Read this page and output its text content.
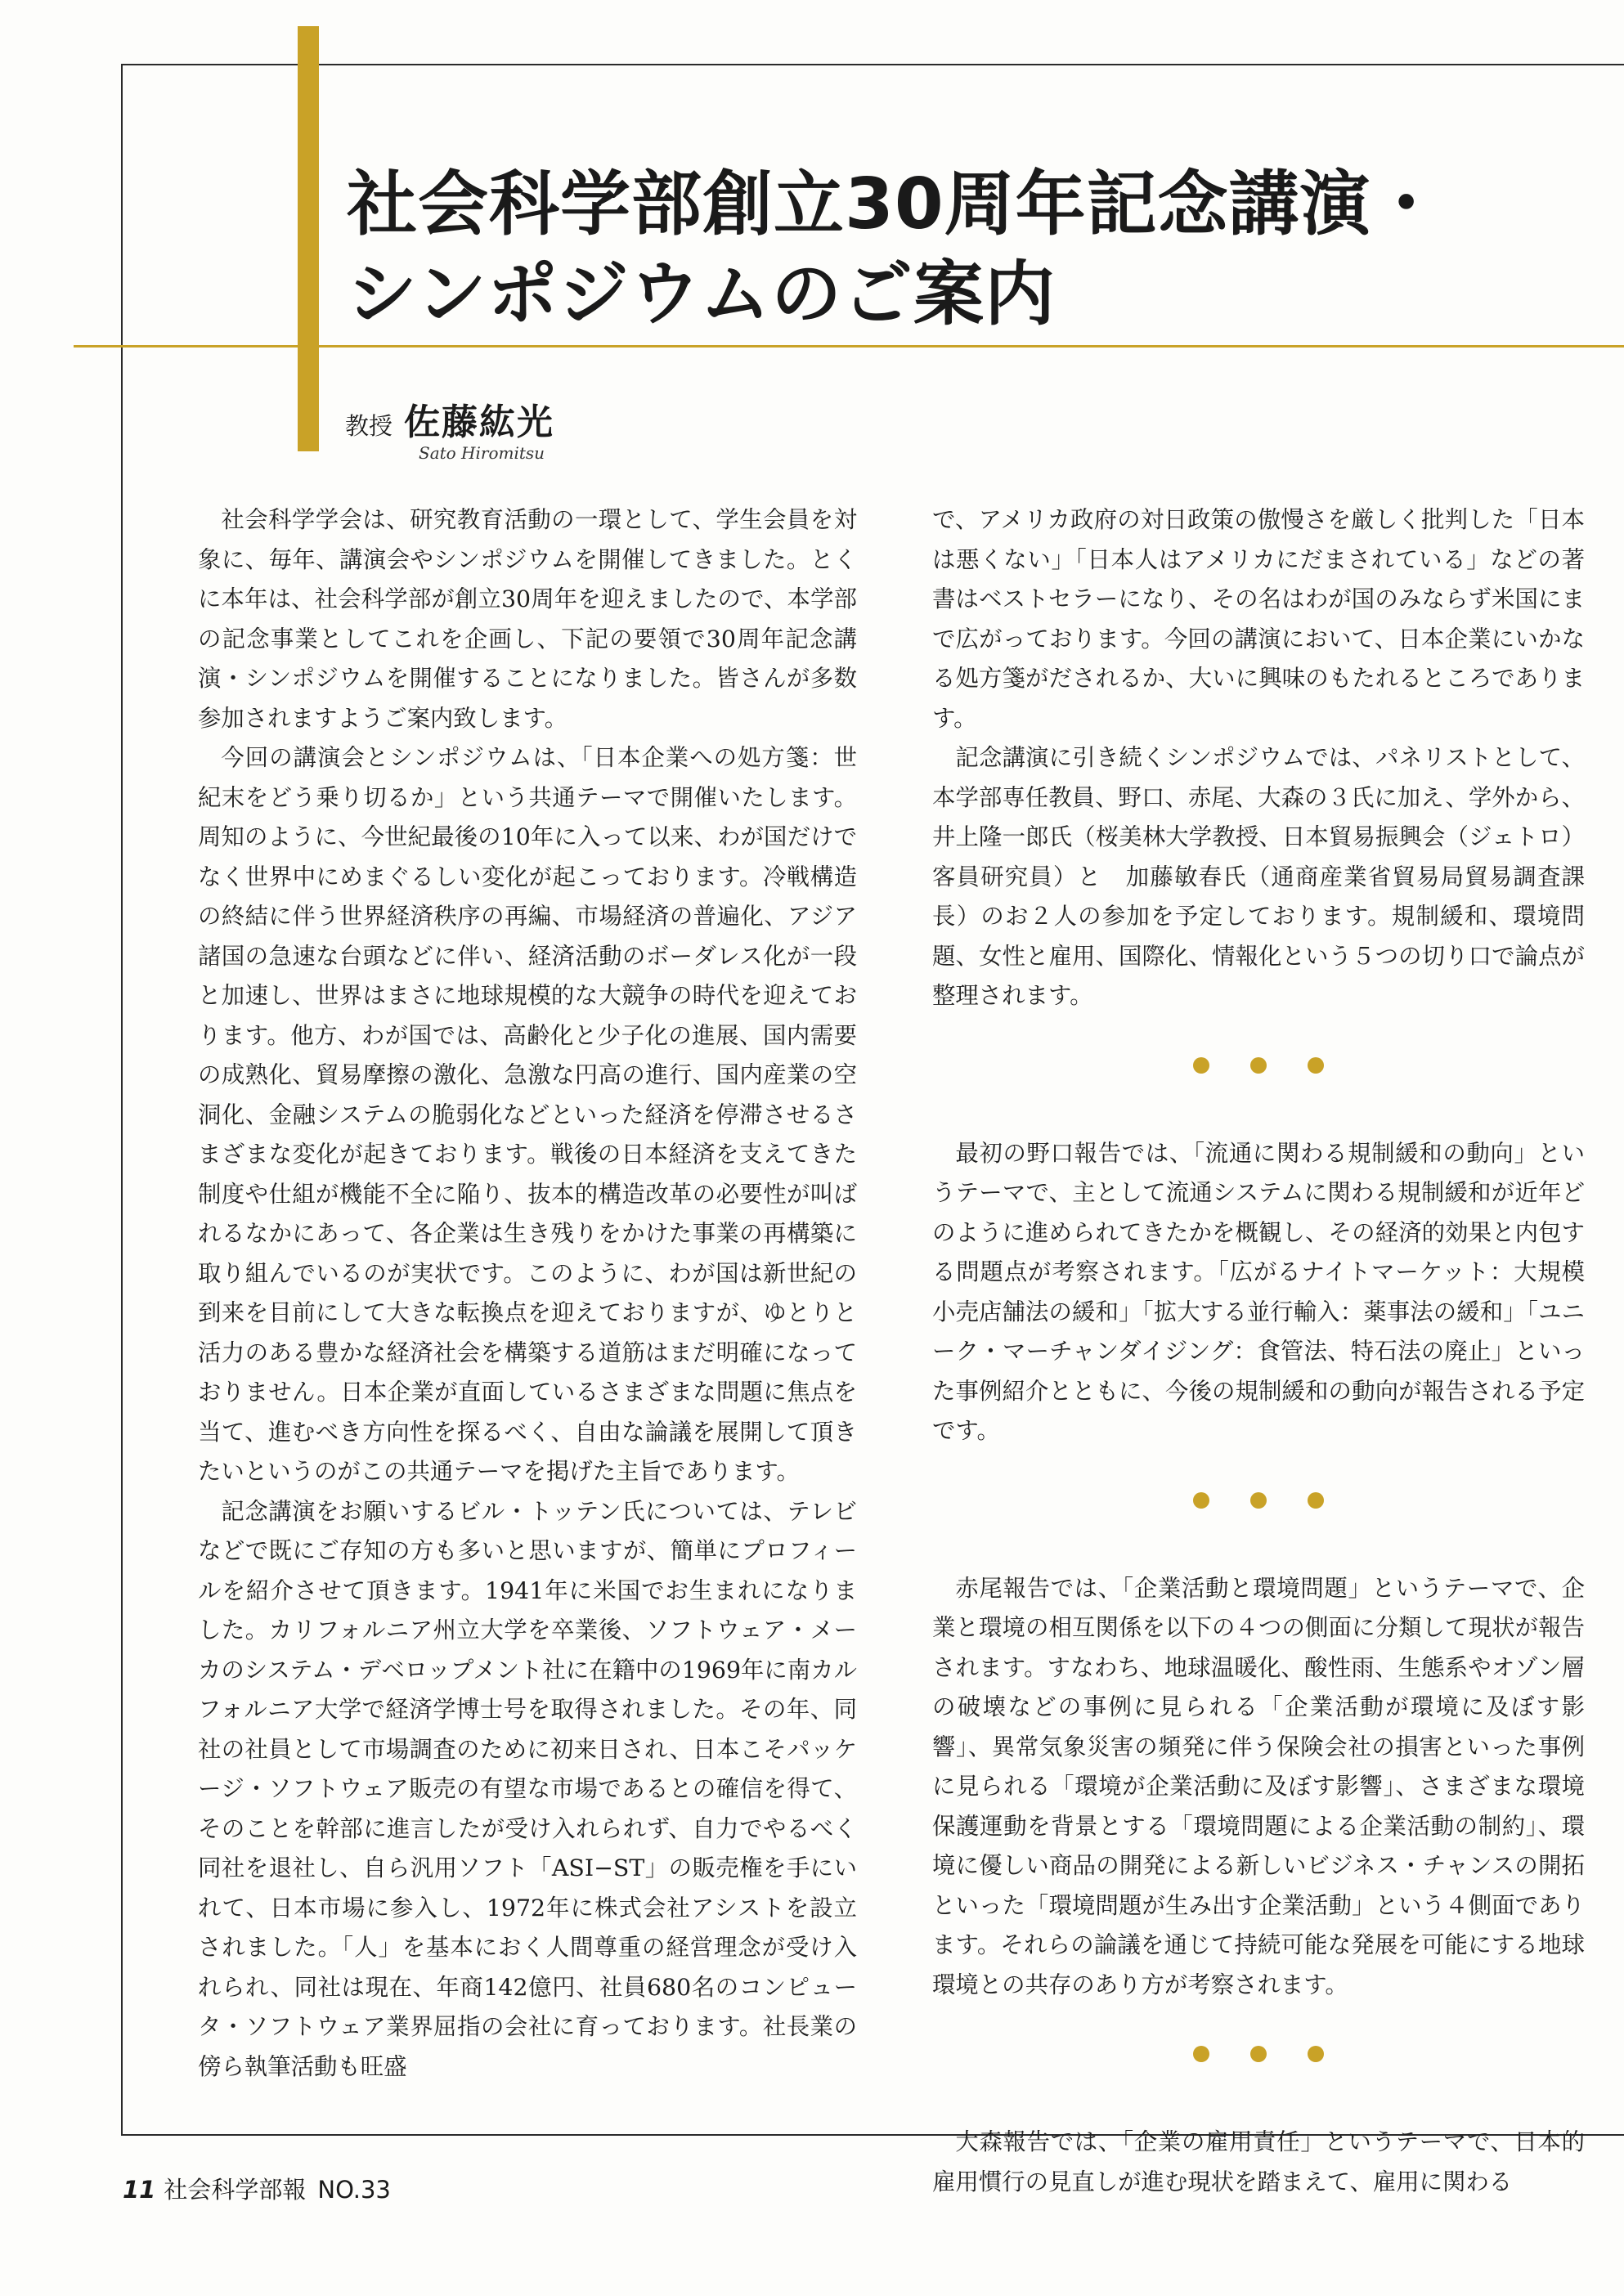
社会科学部創立30周年記念講演・
シンポジウムのご案内
教授 佐藤紘光
Sato Hiromitsu

社会科学学会は、研究教育活動の一環として、学生会員を対象に、毎年、講演会やシンポジウムを開催してきました。とくに本年は、社会科学部が創立30周年を迎えましたので、本学部の記念事業としてこれを企画し、下記の要領で30周年記念講演・シンポジウムを開催することになりました。皆さんが多数参加されますようご案内致します。

今回の講演会とシンポジウムは、「日本企業への処方箋：世紀末をどう乗り切るか」という共通テーマで開催いたします。周知のように、今世紀最後の10年に入って以来、わが国だけでなく世界中にめまぐるしい変化が起こっております。冷戦構造の終結に伴う世界経済秩序の再編、市場経済の普遍化、アジア諸国の急速な台頭などに伴い、経済活動のボーダレス化が一段と加速し、世界はまさに地球規模的な大競争の時代を迎えております。他方、わが国では、高齢化と少子化の進展、国内需要の成熟化、貿易摩擦の激化、急激な円高の進行、国内産業の空洞化、金融システムの脆弱化などといった経済を停滞させるさまざまな変化が起きております。戦後の日本経済を支えてきた制度や仕組が機能不全に陥り、抜本的構造改革の必要性が叫ばれるなかにあって、各企業は生き残りをかけた事業の再構築に取り組んでいるのが実状です。このように、わが国は新世紀の到来を目前にして大きな転換点を迎えておりますが、ゆとりと活力のある豊かな経済社会を構築する道筋はまだ明確になっておりません。日本企業が直面しているさまざまな問題に焦点を当て、進むべき方向性を探るべく、自由な論議を展開して頂きたいというのがこの共通テーマを掲げた主旨であります。

記念講演をお願いするビル・トッテン氏については、テレビなどで既にご存知の方も多いと思いますが、簡単にプロフィールを紹介させて頂きます。1941年に米国でお生まれになりました。カリフォルニア州立大学を卒業後、ソフトウェア・メーカのシステム・デベロップメント社に在籍中の1969年に南カルフォルニア大学で経済学博士号を取得されました。その年、同社の社員として市場調査のために初来日され、日本こそパッケージ・ソフトウェア販売の有望な市場であるとの確信を得て、そのことを幹部に進言したが受け入れられず、自力でやるべく同社を退社し、自ら汎用ソフト「ASI−ST」の販売権を手にいれて、日本市場に参入し、1972年に株式会社アシストを設立されました。「人」を基本におく人間尊重の経営理念が受け入れられ、同社は現在、年商142億円、社員680名のコンピュータ・ソフトウェア業界屈指の会社に育っております。社長業の傍ら執筆活動も旺盛

で、アメリカ政府の対日政策の傲慢さを厳しく批判した「日本は悪くない」「日本人はアメリカにだまされている」などの著書はベストセラーになり、その名はわが国のみならず米国にまで広がっております。今回の講演において、日本企業にいかなる処方箋がだされるか、大いに興味のもたれるところであります。

記念講演に引き続くシンポジウムでは、パネリストとして、本学部専任教員、野口、赤尾、大森の３氏に加え、学外から、井上隆一郎氏（桜美林大学教授、日本貿易振興会（ジェトロ）客員研究員）と　加藤敏春氏（通商産業省貿易局貿易調査課長）のお２人の参加を予定しております。規制緩和、環境問題、女性と雇用、国際化、情報化という５つの切り口で論点が整理されます。

最初の野口報告では、「流通に関わる規制緩和の動向」というテーマで、主として流通システムに関わる規制緩和が近年どのように進められてきたかを概観し、その経済的効果と内包する問題点が考察されます。「広がるナイトマーケット：大規模小売店舗法の緩和」「拡大する並行輸入：薬事法の緩和」「ユニーク・マーチャンダイジング：食管法、特石法の廃止」といった事例紹介とともに、今後の規制緩和の動向が報告される予定です。

赤尾報告では、「企業活動と環境問題」というテーマで、企業と環境の相互関係を以下の４つの側面に分類して現状が報告されます。すなわち、地球温暖化、酸性雨、生態系やオゾン層の破壊などの事例に見られる「企業活動が環境に及ぼす影響」、異常気象災害の頻発に伴う保険会社の損害といった事例に見られる「環境が企業活動に及ぼす影響」、さまざまな環境保護運動を背景とする「環境問題による企業活動の制約」、環境に優しい商品の開発による新しいビジネス・チャンスの開拓といった「環境問題が生み出す企業活動」という４側面であります。それらの論議を通じて持続可能な発展を可能にする地球環境との共存のあり方が考察されます。

大森報告では、「企業の雇用責任」というテーマで、日本的雇用慣行の見直しが進む現状を踏まえて、雇用に関わる

11 社会科学部報 NO.33
